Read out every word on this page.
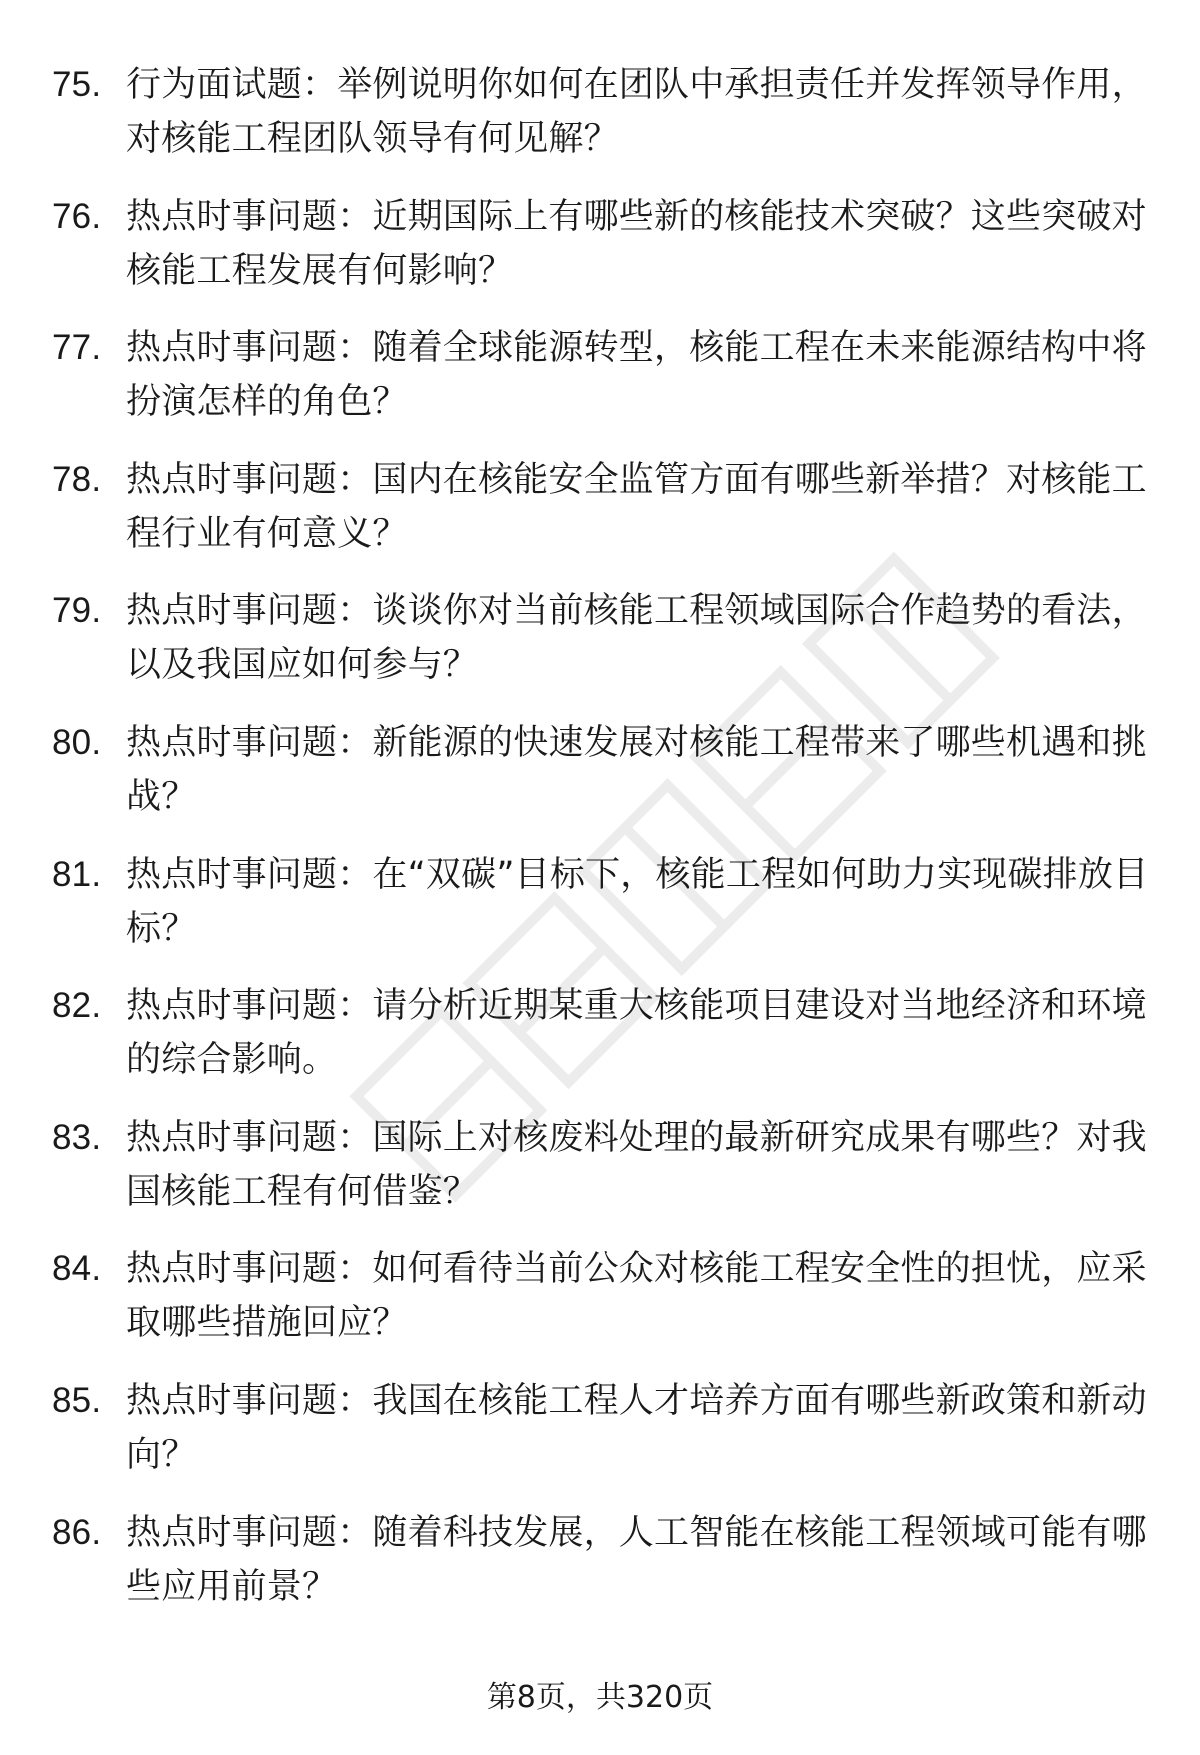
75. 行为面试题：举例说明你如何在团队中承担责任并发挥领导作用，对核能工程团队领导有何见解？
76. 热点时事问题：近期国际上有哪些新的核能技术突破？这些突破对核能工程发展有何影响？
77. 热点时事问题：随着全球能源转型，核能工程在未来能源结构中将扮演怎样的角色？
78. 热点时事问题：国内在核能安全监管方面有哪些新举措？对核能工程行业有何意义？
79. 热点时事问题：谈谈你对当前核能工程领域国际合作趋势的看法，以及我国应如何参与？
80. 热点时事问题：新能源的快速发展对核能工程带来了哪些机遇和挑战？
81. 热点时事问题：在“双碳”目标下，核能工程如何助力实现碳排放目标？
82. 热点时事问题：请分析近期某重大核能项目建设对当地经济和环境的综合影响。
83. 热点时事问题：国际上对核废料处理的最新研究成果有哪些？对我国核能工程有何借鉴？
84. 热点时事问题：如何看待当前公众对核能工程安全性的担忧，应采取哪些措施回应？
85. 热点时事问题：我国在核能工程人才培养方面有哪些新政策和新动向？
86. 热点时事问题：随着科技发展，人工智能在核能工程领域可能有哪些应用前景？
第8页，共320页
